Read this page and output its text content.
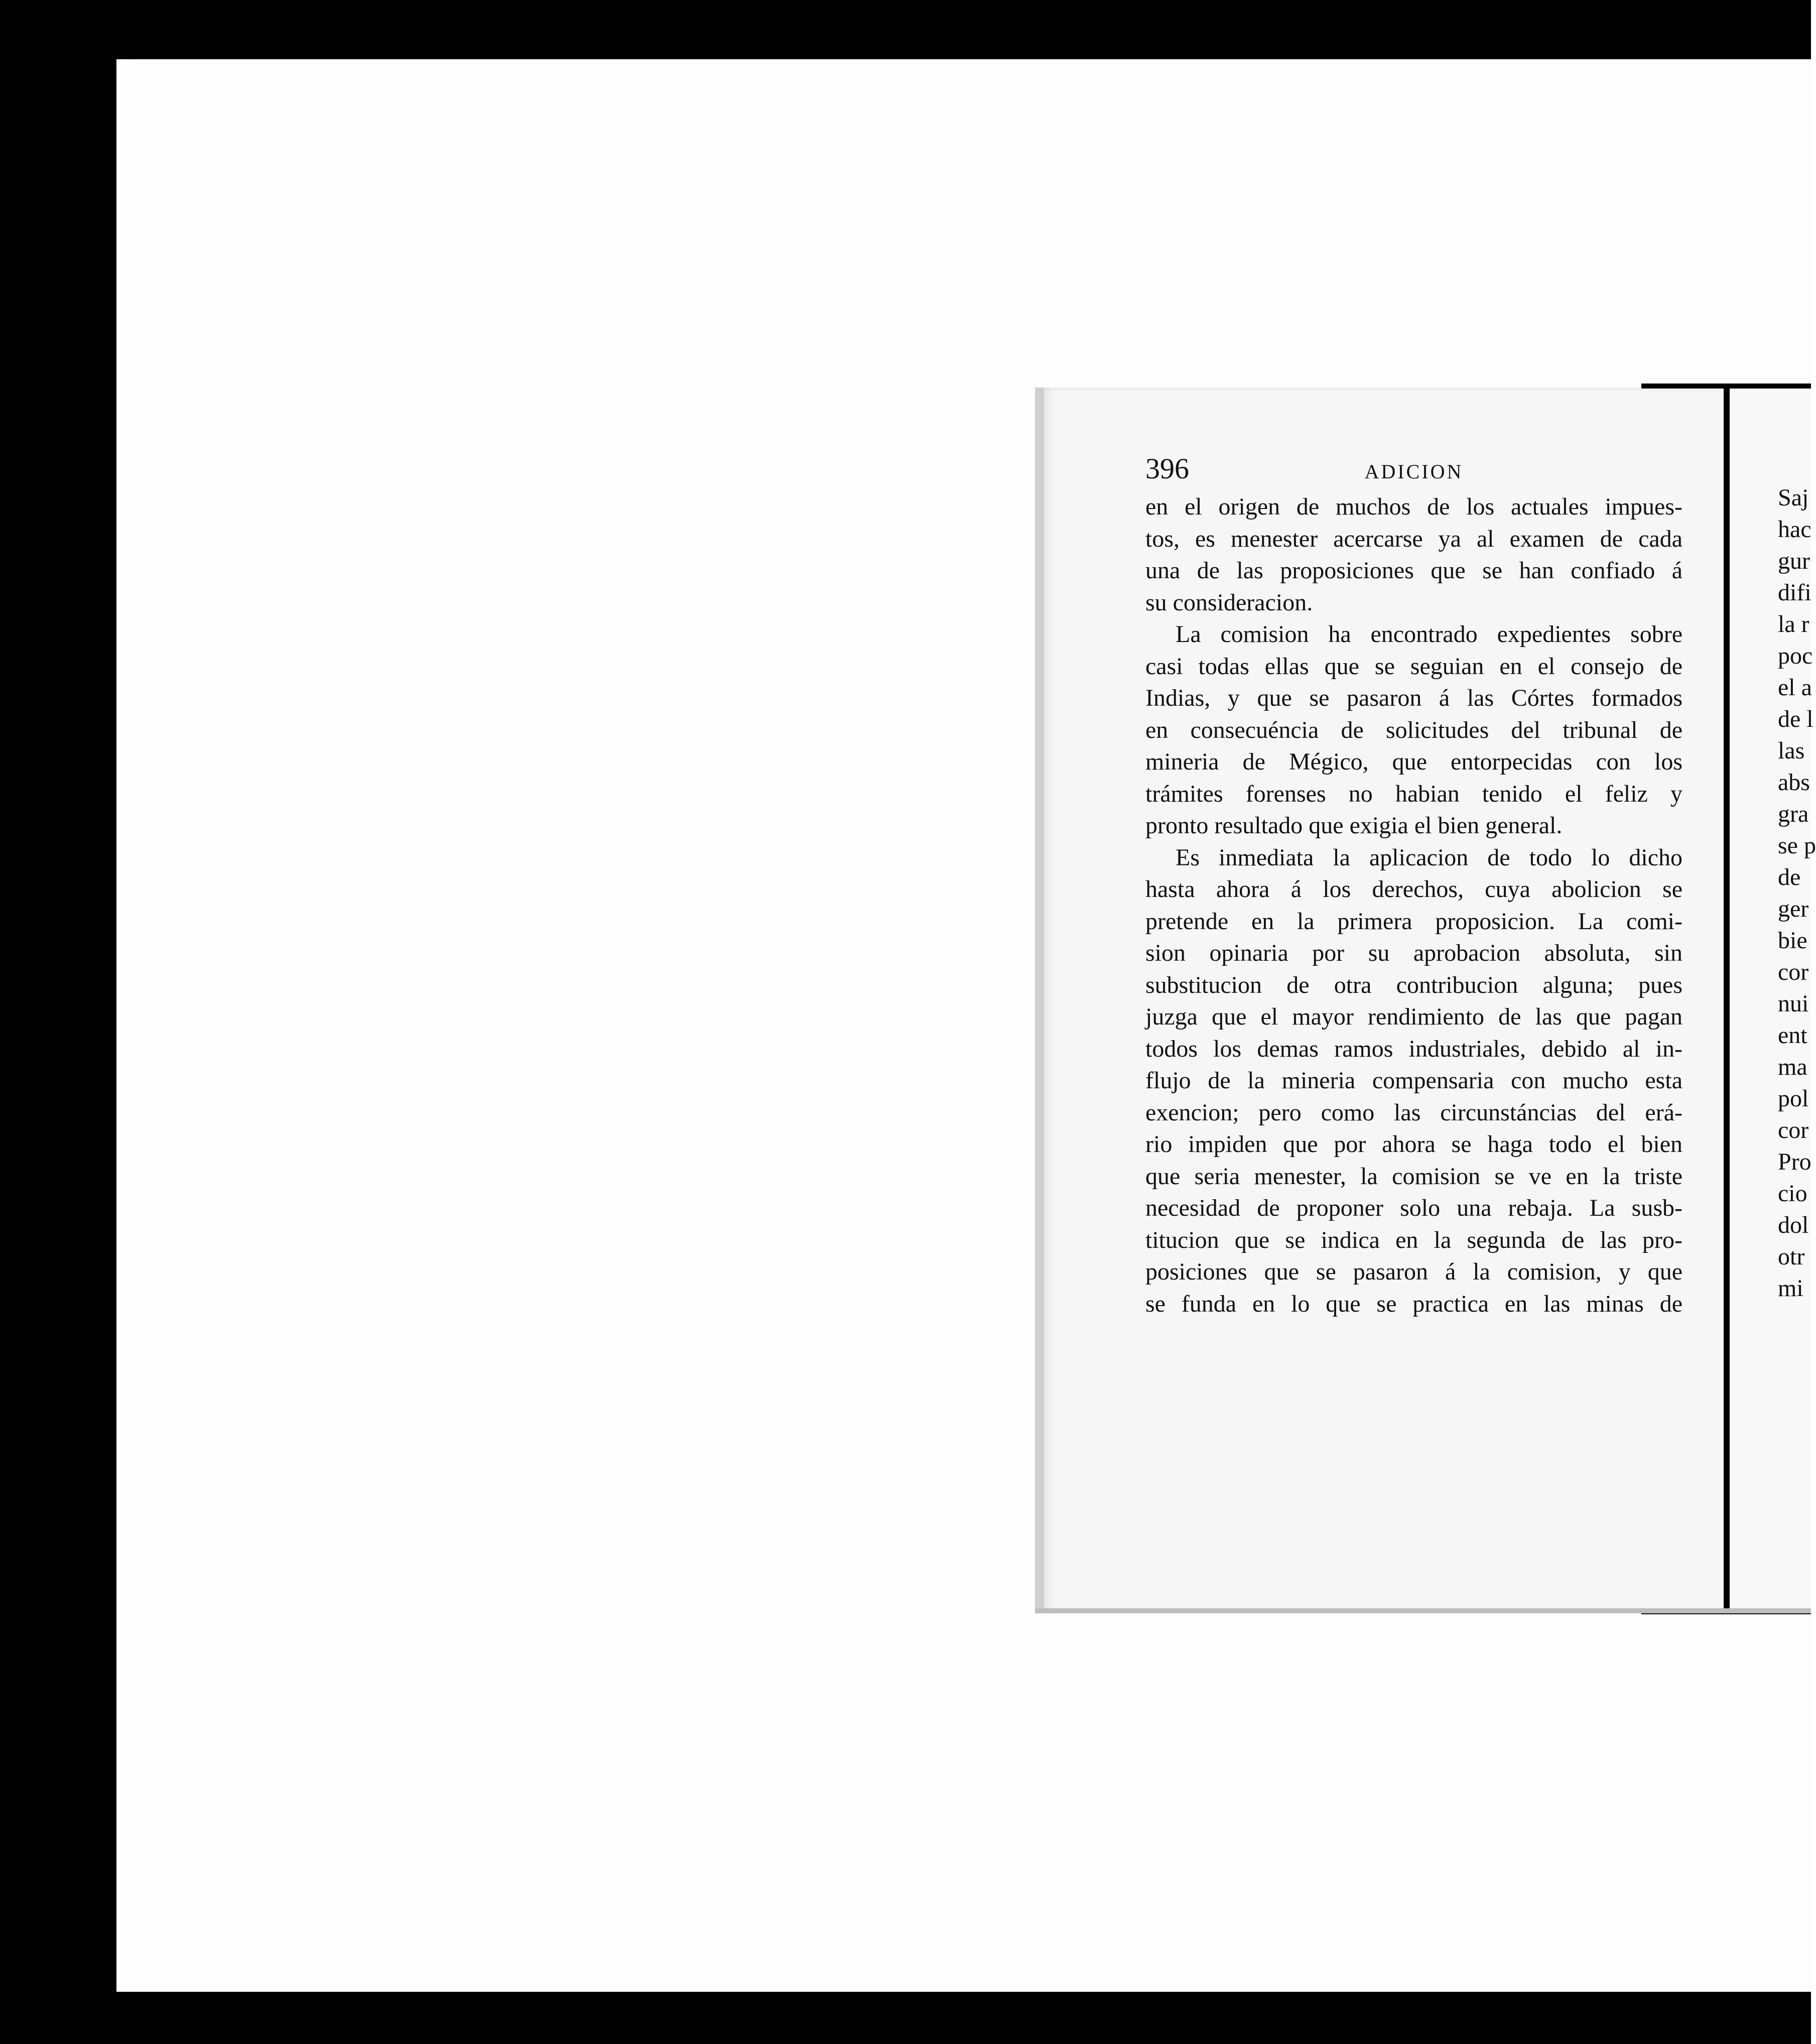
396	ADICION
en el origen de muchos de los actuales impues-
tos, es menester acercarse ya al examen de cada
una de las proposiciones que se han confiado á
su consideracion.
La comision ha encontrado expedientes sobre
casi todas ellas que se seguian en el consejo de
Indias, y que se pasaron á las Córtes formados
en consecuéncia de solicitudes del tribunal de
mineria de Mégico, que entorpecidas con los
trámites forenses no habian tenido el feliz y
pronto resultado que exigia el bien general.
Es inmediata la aplicacion de todo lo dicho
hasta ahora á los derechos, cuya abolicion se
pretende en la primera proposicion. La comi-
sion opinaria por su aprobacion absoluta, sin
substitucion de otra contribucion alguna; pues
juzga que el mayor rendimiento de las que pagan
todos los demas ramos industriales, debido al in-
flujo de la mineria compensaria con mucho esta
exencion; pero como las circunstáncias del erá-
rio impiden que por ahora se haga todo el bien
que seria menester, la comision se ve en la triste
necesidad de proponer solo una rebaja. La susb-
titucion que se indica en la segunda de las pro-
posiciones que se pasaron á la comision, y que
se funda en lo que se practica en las minas de
Saj
hac
gur
difi
la r
poc
el a
de l
las
abs
gra
se p
de
ger
bie
cor
nui
ent
ma
pol
cor
Pro
cio
dol
otr
mi
